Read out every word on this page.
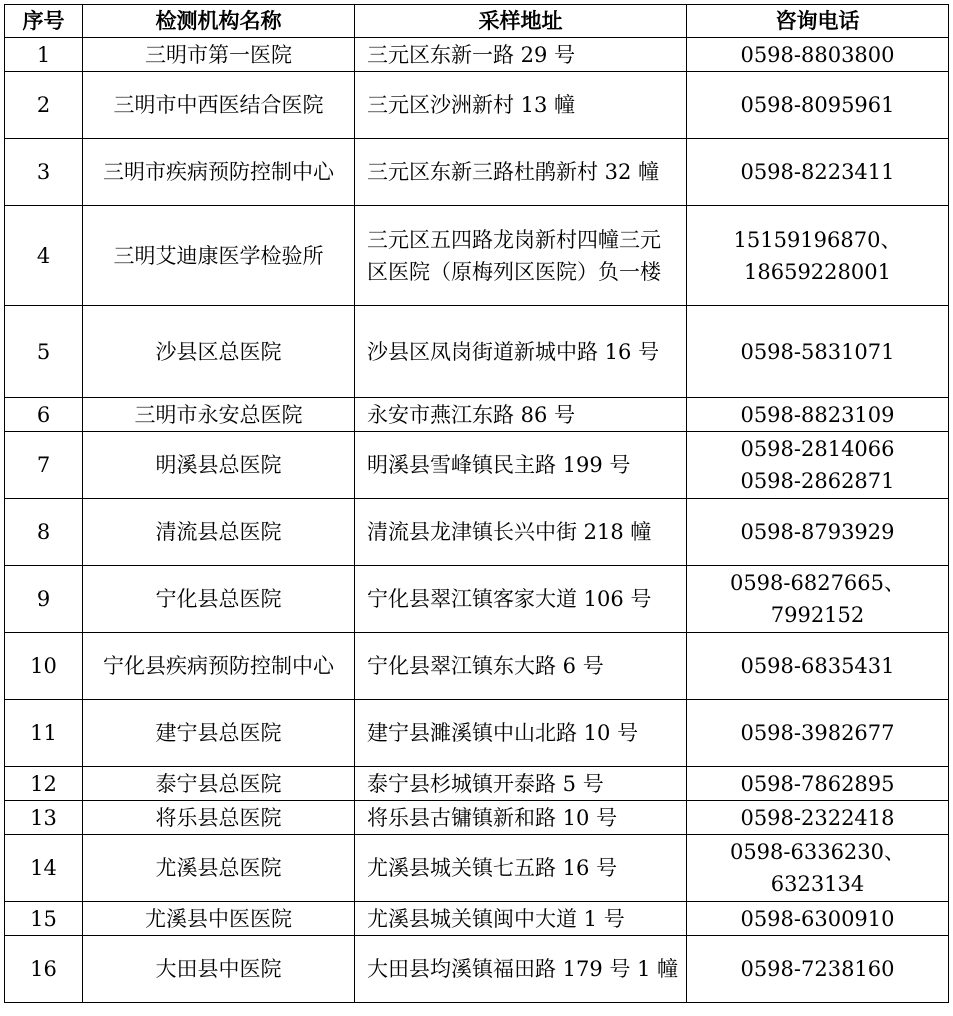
序号	检测机构名称	采样地址	咨询电话
1	三明市第一医院	三元区东新一路 29 号	0598-8803800
2	三明市中西医结合医院	三元区沙洲新村 13 幢	0598-8095961
3	三明市疾病预防控制中心	三元区东新三路杜鹃新村 32 幢	0598-8223411
4	三明艾迪康医学检验所	三元区五四路龙岗新村四幢三元区医院（原梅列区医院）负一楼	15159196870、
18659228001
5	沙县区总医院	沙县区凤岗街道新城中路 16 号	0598-5831071
6	三明市永安总医院	永安市燕江东路 86 号	0598-8823109
7	明溪县总医院	明溪县雪峰镇民主路 199 号	0598-2814066
0598-2862871
8	清流县总医院	清流县龙津镇长兴中街 218 幢	0598-8793929
9	宁化县总医院	宁化县翠江镇客家大道 106 号	0598-6827665、
7992152
10	宁化县疾病预防控制中心	宁化县翠江镇东大路 6 号	0598-6835431
11	建宁县总医院	建宁县濉溪镇中山北路 10 号	0598-3982677
12	泰宁县总医院	泰宁县杉城镇开泰路 5 号	0598-7862895
13	将乐县总医院	将乐县古镛镇新和路 10 号	0598-2322418
14	尤溪县总医院	尤溪县城关镇七五路 16 号	0598-6336230、
6323134
15	尤溪县中医医院	尤溪县城关镇闽中大道 1 号	0598-6300910
16	大田县中医院	大田县均溪镇福田路 179 号 1 幢	0598-7238160
